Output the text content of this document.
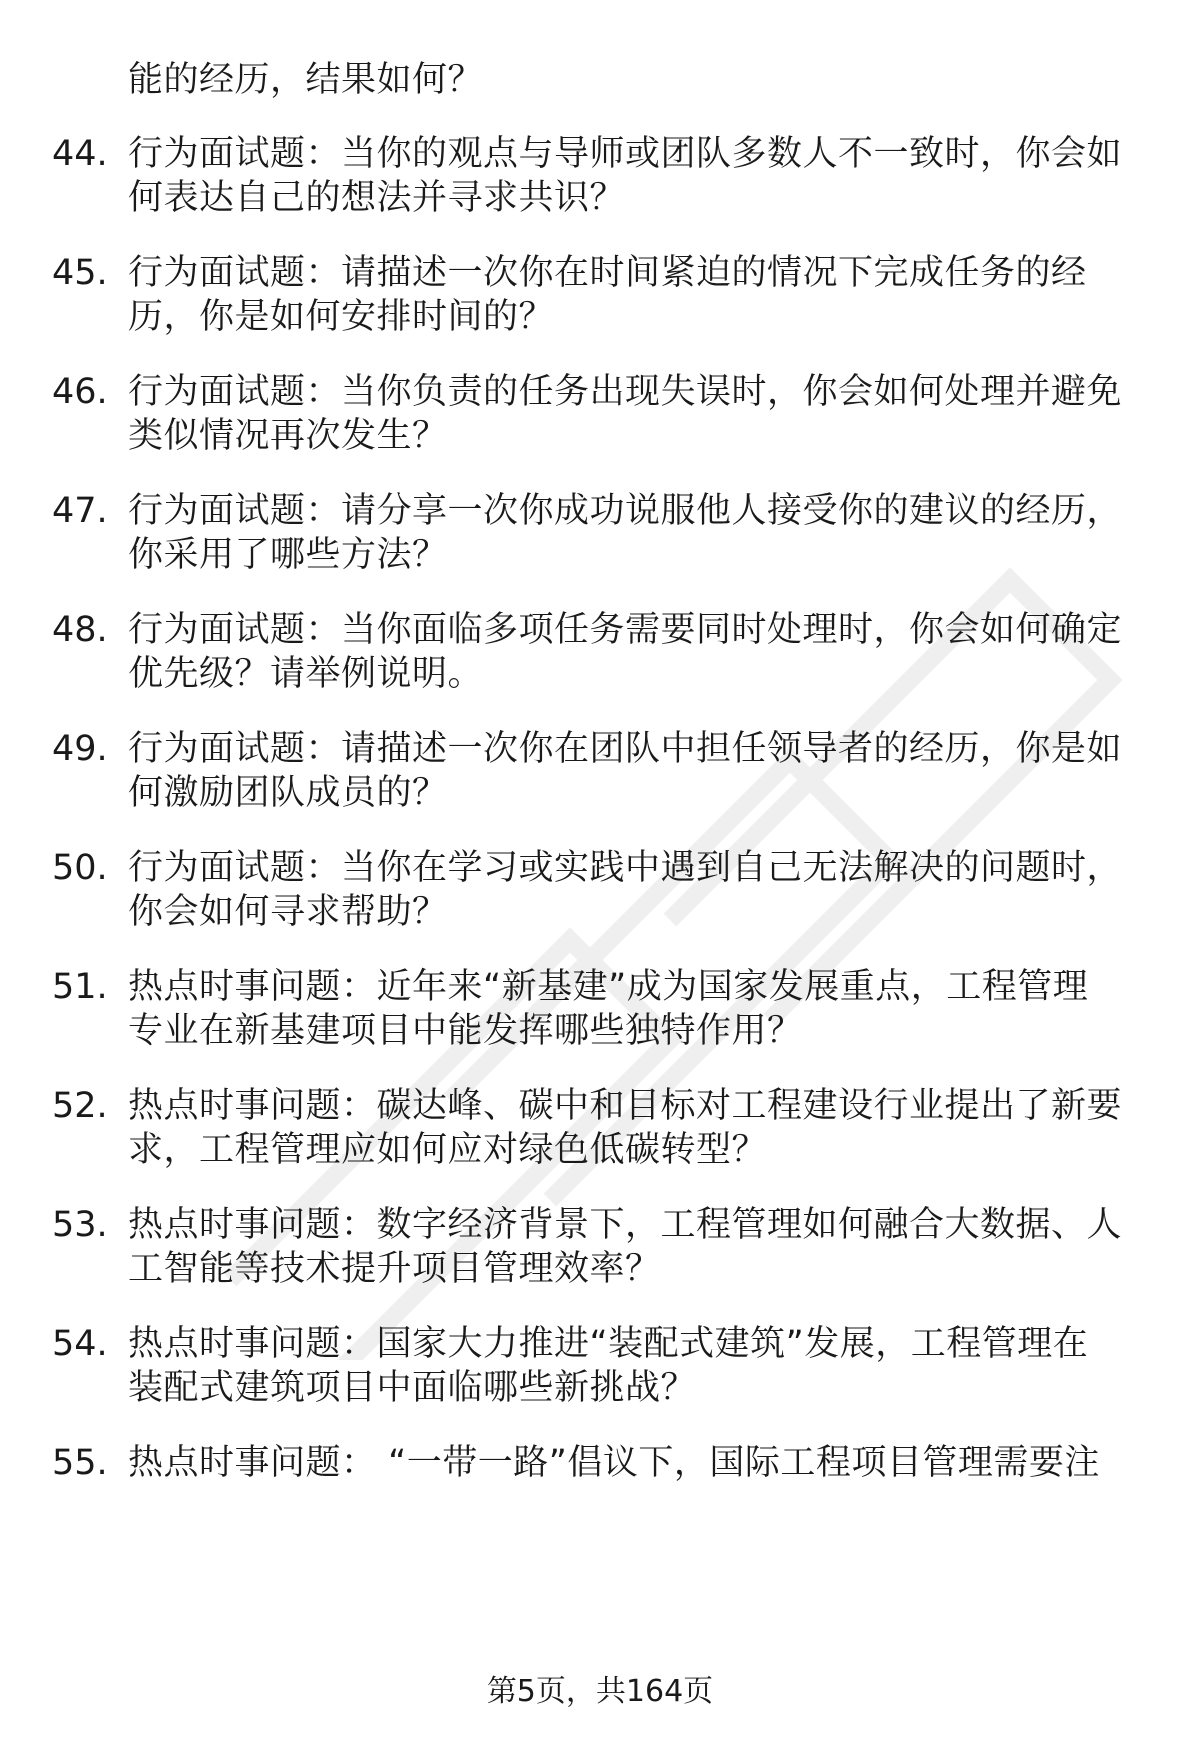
能的经历，结果如何？
44. 行为面试题：当你的观点与导师或团队多数人不一致时，你会如
何表达自己的想法并寻求共识？
45. 行为面试题：请描述一次你在时间紧迫的情况下完成任务的经
历，你是如何安排时间的？
46. 行为面试题：当你负责的任务出现失误时，你会如何处理并避免
类似情况再次发生？
47. 行为面试题：请分享一次你成功说服他人接受你的建议的经历，
你采用了哪些方法？
48. 行为面试题：当你面临多项任务需要同时处理时，你会如何确定
优先级？请举例说明。
49. 行为面试题：请描述一次你在团队中担任领导者的经历，你是如
何激励团队成员的？
50. 行为面试题：当你在学习或实践中遇到自己无法解决的问题时，
你会如何寻求帮助？
51. 热点时事问题：近年来“新基建”成为国家发展重点，工程管理
专业在新基建项目中能发挥哪些独特作用？
52. 热点时事问题：碳达峰、碳中和目标对工程建设行业提出了新要
求，工程管理应如何应对绿色低碳转型？
53. 热点时事问题：数字经济背景下，工程管理如何融合大数据、人
工智能等技术提升项目管理效率？
54. 热点时事问题：国家大力推进“装配式建筑”发展，工程管理在
装配式建筑项目中面临哪些新挑战？
55. 热点时事问题： “一带一路”倡议下，国际工程项目管理需要注
第5页，共164页
